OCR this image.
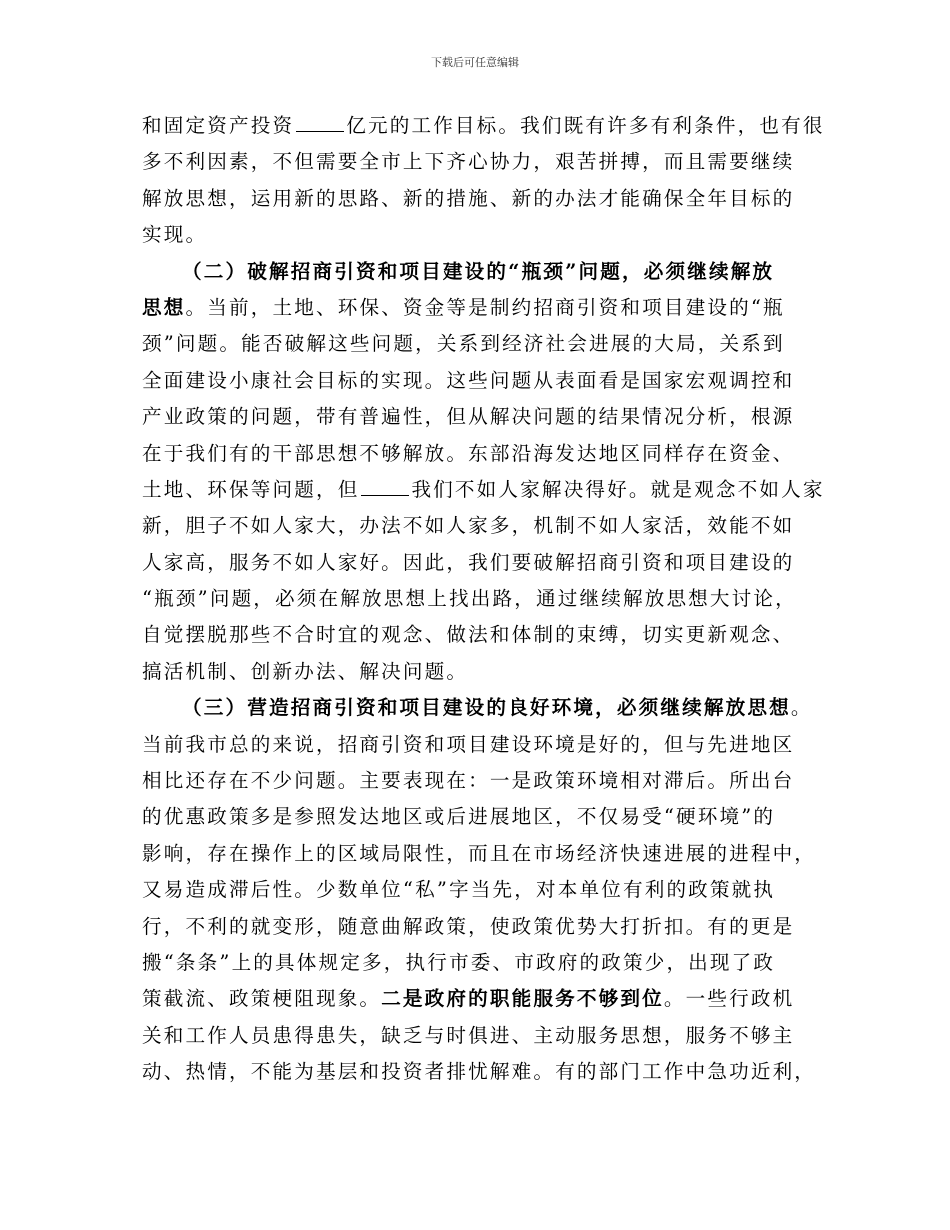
下载后可任意编辑
和固定资产投资	亿元的工作目标。我们既有许多有利条件，也有很
多不利因素，不但需要全市上下齐心协力，艰苦拼搏，而且需要继续
解放思想，运用新的思路、新的措施、新的办法才能确保全年目标的
实现。
（二）破解招商引资和项目建设的“瓶颈”问题，必须继续解放
思想。当前，土地、环保、资金等是制约招商引资和项目建设的“瓶
颈”问题。能否破解这些问题，关系到经济社会进展的大局，关系到
全面建设小康社会目标的实现。这些问题从表面看是国家宏观调控和
产业政策的问题，带有普遍性，但从解决问题的结果情况分析，根源
在于我们有的干部思想不够解放。东部沿海发达地区同样存在资金、
土地、环保等问题，但	我们不如人家解决得好。就是观念不如人家
新，胆子不如人家大，办法不如人家多，机制不如人家活，效能不如
人家高，服务不如人家好。因此，我们要破解招商引资和项目建设的
“瓶颈”问题，必须在解放思想上找出路，通过继续解放思想大讨论，
自觉摆脱那些不合时宜的观念、做法和体制的束缚，切实更新观念、
搞活机制、创新办法、解决问题。
（三）营造招商引资和项目建设的良好环境，必须继续解放思想。
当前我市总的来说，招商引资和项目建设环境是好的，但与先进地区
相比还存在不少问题。主要表现在：一是政策环境相对滞后。所出台
的优惠政策多是参照发达地区或后进展地区，不仅易受“硬环境”的
影响，存在操作上的区域局限性，而且在市场经济快速进展的进程中，
又易造成滞后性。少数单位“私”字当先，对本单位有利的政策就执
行，不利的就变形，随意曲解政策，使政策优势大打折扣。有的更是
搬“条条”上的具体规定多，执行市委、市政府的政策少，出现了政
策截流、政策梗阻现象。二是政府的职能服务不够到位。一些行政机
关和工作人员患得患失，缺乏与时俱进、主动服务思想，服务不够主
动、热情，不能为基层和投资者排忧解难。有的部门工作中急功近利，
